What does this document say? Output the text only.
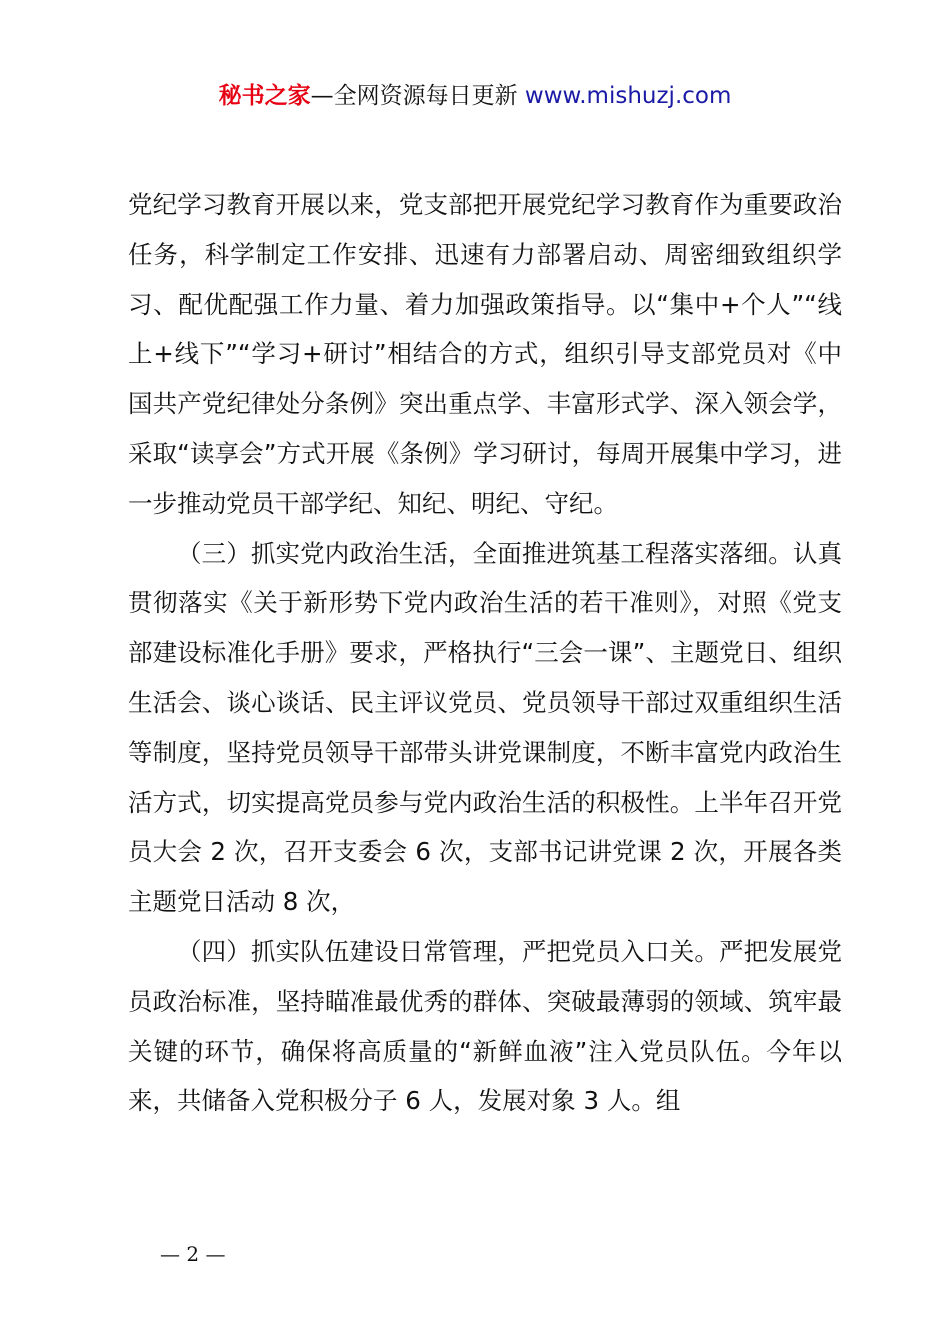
秘书之家—全网资源每日更新 www.mishuzj.com

党纪学习教育开展以来，党支部把开展党纪学习教育作为重要政治任务，科学制定工作安排、迅速有力部署启动、周密细致组织学习、配优配强工作力量、着力加强政策指导。以“集中+个人”“线上+线下”“学习+研讨”相结合的方式，组织引导支部党员对《中国共产党纪律处分条例》突出重点学、丰富形式学、深入领会学，采取“读享会”方式开展《条例》学习研讨，每周开展集中学习，进一步推动党员干部学纪、知纪、明纪、守纪。

（三）抓实党内政治生活，全面推进筑基工程落实落细。认真贯彻落实《关于新形势下党内政治生活的若干准则》，对照《党支部建设标准化手册》要求，严格执行“三会一课”、主题党日、组织生活会、谈心谈话、民主评议党员、党员领导干部过双重组织生活等制度，坚持党员领导干部带头讲党课制度，不断丰富党内政治生活方式，切实提高党员参与党内政治生活的积极性。上半年召开党员大会 2 次，召开支委会 6 次，支部书记讲党课 2 次，开展各类主题党日活动 8 次，

（四）抓实队伍建设日常管理，严把党员入口关。严把发展党员政治标准，坚持瞄准最优秀的群体、突破最薄弱的领域、筑牢最关键的环节，确保将高质量的“新鲜血液”注入党员队伍。今年以来，共储备入党积极分子 6 人，发展对象 3 人。组

— 2 —
